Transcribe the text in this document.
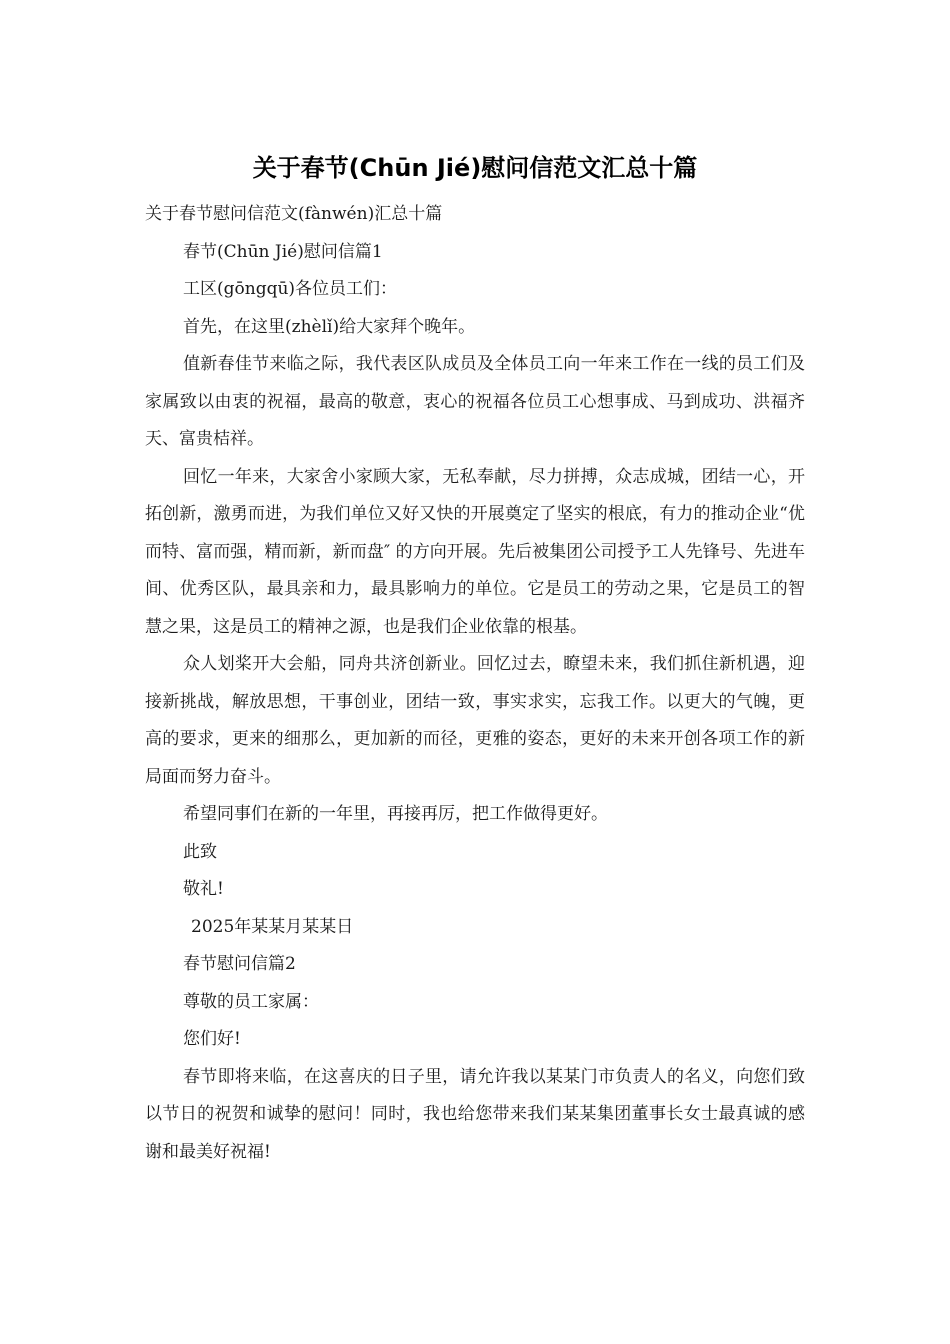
关于春节(Chūn Jié)慰问信范文汇总十篇

关于春节慰问信范文(fànwén)汇总十篇

春节(Chūn Jié)慰问信篇1

工区(gōngqū)各位员工们：

首先，在这里(zhèlǐ)给大家拜个晚年。

值新春佳节来临之际，我代表区队成员及全体员工向一年来工作在一线的员工们及家属致以由衷的祝福，最高的敬意，衷心的祝福各位员工心想事成、马到成功、洪福齐天、富贵桔祥。

回忆一年来，大家舍小家顾大家，无私奉献，尽力拼搏，众志成城，团结一心，开拓创新，激勇而进，为我们单位又好又快的开展奠定了坚实的根底，有力的推动企业“优而特、富而强，精而新，新而盘″ 的方向开展。先后被集团公司授予工人先锋号、先进车间、优秀区队，最具亲和力，最具影响力的单位。它是员工的劳动之果，它是员工的智慧之果，这是员工的精神之源，也是我们企业依靠的根基。

众人划桨开大会船，同舟共济创新业。回忆过去，瞭望未来，我们抓住新机遇，迎接新挑战，解放思想，干事创业，团结一致，事实求实，忘我工作。以更大的气魄，更高的要求，更来的细那么，更加新的而径，更雅的姿态，更好的未来开创各项工作的新局面而努力奋斗。

希望同事们在新的一年里，再接再厉，把工作做得更好。

此致

敬礼!

2025年某某月某某日

春节慰问信篇2

尊敬的员工家属：

您们好!

春节即将来临，在这喜庆的日子里，请允许我以某某门市负责人的名义，向您们致以节日的祝贺和诚挚的慰问！同时，我也给您带来我们某某集团董事长女士最真诚的感谢和最美好祝福!
